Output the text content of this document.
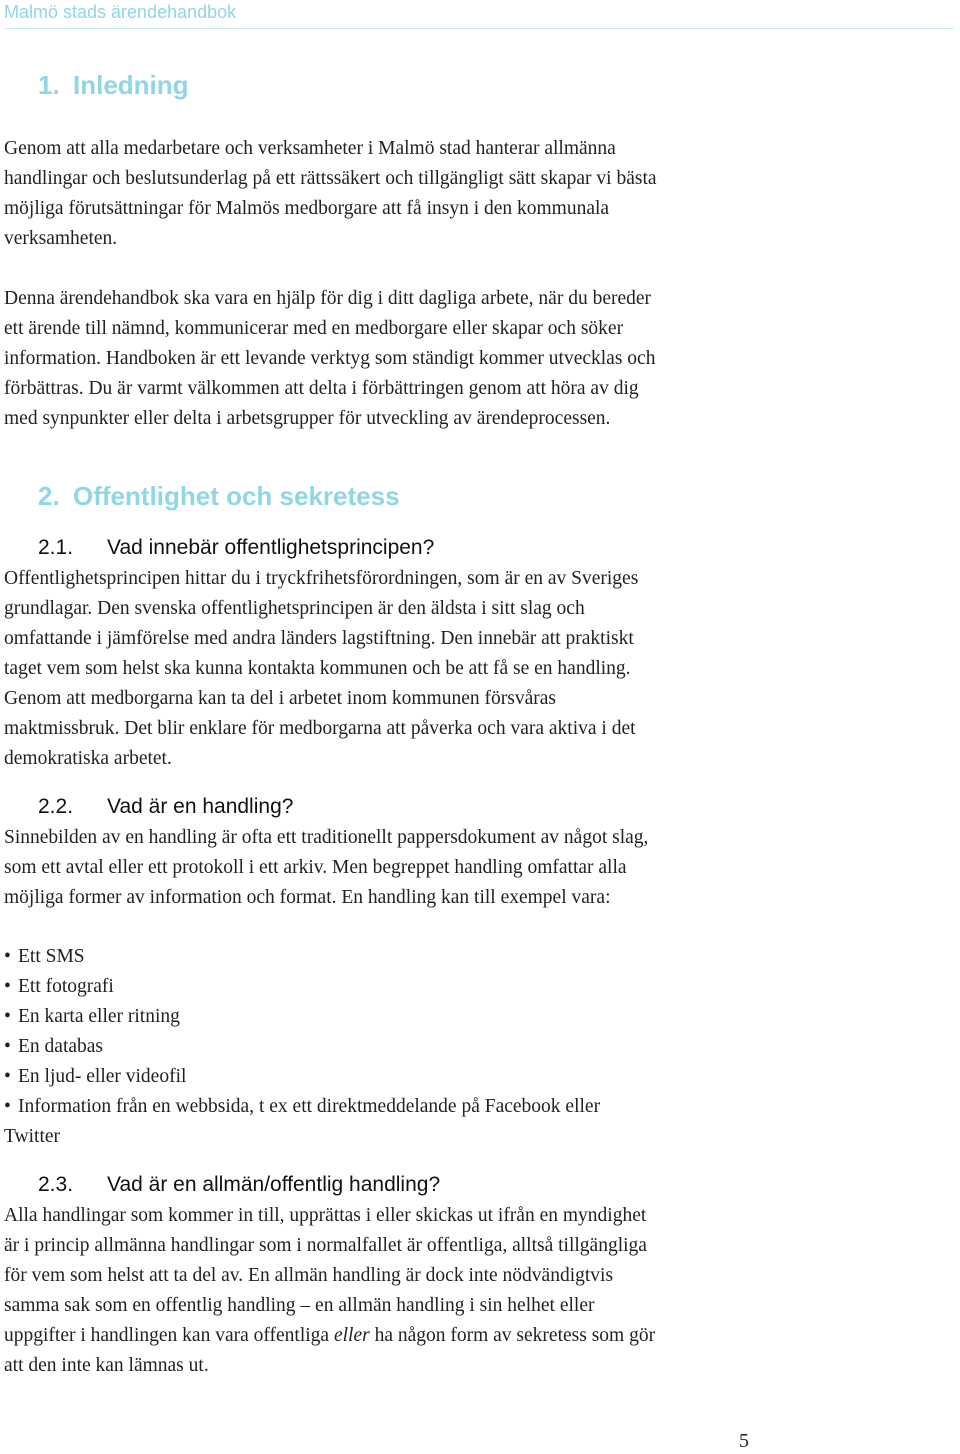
Malmö stads ärendehandbok
1. Inledning
Genom att alla medarbetare och verksamheter i Malmö stad hanterar allmänna
handlingar och beslutsunderlag på ett rättssäkert och tillgängligt sätt skapar vi bästa
möjliga förutsättningar för Malmös medborgare att få insyn i den kommunala
verksamheten.
Denna ärendehandbok ska vara en hjälp för dig i ditt dagliga arbete, när du bereder
ett ärende till nämnd, kommunicerar med en medborgare eller skapar och söker
information. Handboken är ett levande verktyg som ständigt kommer utvecklas och
förbättras. Du är varmt välkommen att delta i förbättringen genom att höra av dig
med synpunkter eller delta i arbetsgrupper för utveckling av ärendeprocessen.
2. Offentlighet och sekretess
2.1. Vad innebär offentlighetsprincipen?
Offentlighetsprincipen hittar du i tryckfrihetsförordningen, som är en av Sveriges
grundlagar. Den svenska offentlighetsprincipen är den äldsta i sitt slag och
omfattande i jämförelse med andra länders lagstiftning. Den innebär att praktiskt
taget vem som helst ska kunna kontakta kommunen och be att få se en handling.
Genom att medborgarna kan ta del i arbetet inom kommunen försvåras
maktmissbruk. Det blir enklare för medborgarna att påverka och vara aktiva i det
demokratiska arbetet.
2.2. Vad är en handling?
Sinnebilden av en handling är ofta ett traditionellt pappersdokument av något slag,
som ett avtal eller ett protokoll i ett arkiv. Men begreppet handling omfattar alla
möjliga former av information och format. En handling kan till exempel vara:
• Ett SMS
• Ett fotografi
• En karta eller ritning
• En databas
• En ljud- eller videofil
• Information från en webbsida, t ex ett direktmeddelande på Facebook eller
Twitter
2.3. Vad är en allmän/offentlig handling?
Alla handlingar som kommer in till, upprättas i eller skickas ut ifrån en myndighet
är i princip allmänna handlingar som i normalfallet är offentliga, alltså tillgängliga
för vem som helst att ta del av. En allmän handling är dock inte nödvändigtvis
samma sak som en offentlig handling – en allmän handling i sin helhet eller
uppgifter i handlingen kan vara offentliga eller ha någon form av sekretess som gör
att den inte kan lämnas ut.
5
